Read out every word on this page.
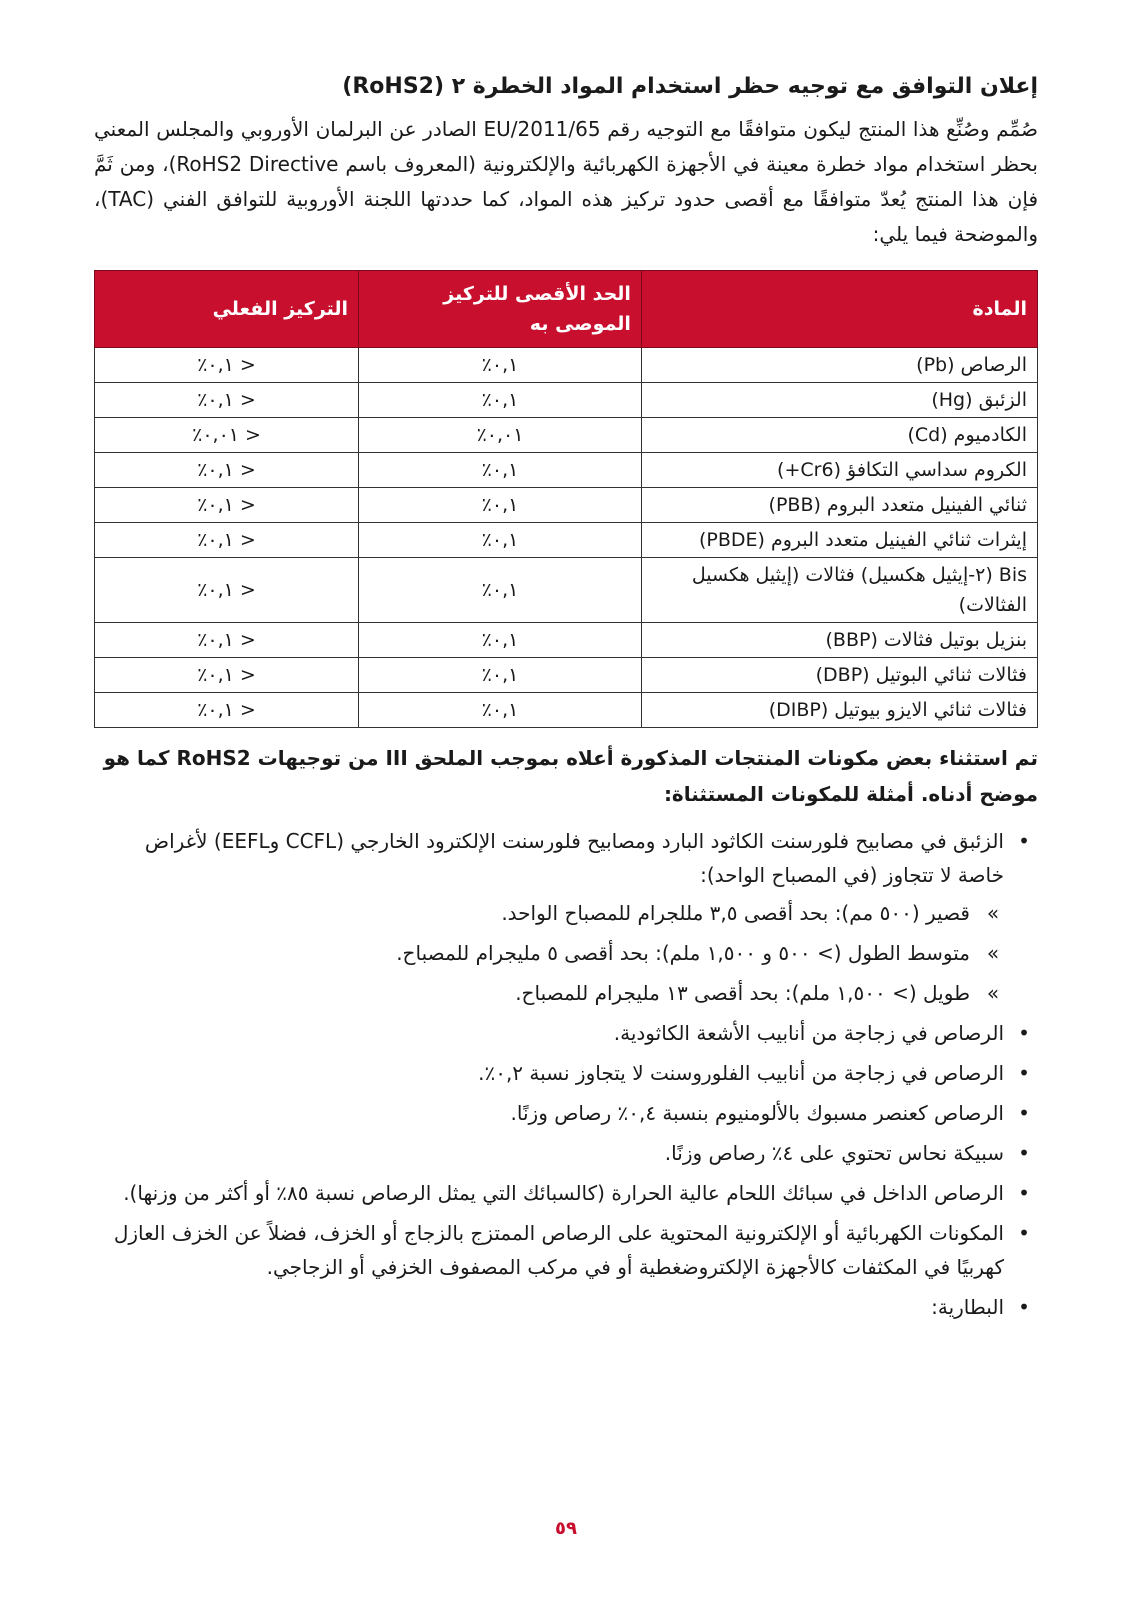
إعلان التوافق مع توجيه حظر استخدام المواد الخطرة ٢ (RoHS2)

صُمِّم وصُنِّع هذا المنتج ليكون متوافقًا مع التوجيه رقم 2011/65/EU الصادر عن البرلمان الأوروبي والمجلس المعني بحظر استخدام مواد خطرة معينة في الأجهزة الكهربائية والإلكترونية (المعروف باسم RoHS2 Directive)، ومن ثَمَّ فإن هذا المنتج يُعدّ متوافقًا مع أقصى حدود تركيز هذه المواد، كما حددتها اللجنة الأوروبية للتوافق الفني (TAC)، والموضحة فيما يلي:

المادة	الحد الأقصى للتركيز الموصى به	التركيز الفعلي
الرصاص (Pb)	٠,١٪	< ٠,١٪
الزئبق (Hg)	٠,١٪	< ٠,١٪
الكادميوم (Cd)	٠,٠١٪	< ٠,٠١٪
الكروم سداسي التكافؤ (Cr6+)	٠,١٪	< ٠,١٪
ثنائي الفينيل متعدد البروم (PBB)	٠,١٪	< ٠,١٪
إيثرات ثنائي الفينيل متعدد البروم (PBDE)	٠,١٪	< ٠,١٪
Bis (٢-إيثيل هكسيل) فثالات (إيثيل هكسيل الفثالات)	٠,١٪	< ٠,١٪
بنزيل بوتيل فثالات (BBP)	٠,١٪	< ٠,١٪
فثالات ثنائي البوتيل (DBP)	٠,١٪	< ٠,١٪
فثالات ثنائي الايزو بيوتيل (DIBP)	٠,١٪	< ٠,١٪

تم استثناء بعض مكونات المنتجات المذكورة أعلاه بموجب الملحق III من توجيهات RoHS2 كما هو موضح أدناه. أمثلة للمكونات المستثناة:

•
الزئبق في مصابيح فلورسنت الكاثود البارد ومصابيح فلورسنت الإلكترود الخارجي (CCFL وEEFL) لأغراض خاصة لا تتجاوز (في المصباح الواحد):
»
قصير (٥٠٠ مم): بحد أقصى ٣,٥ مللجرام للمصباح الواحد.
»
متوسط الطول (> ٥٠٠ و ١,٥٠٠ ملم): بحد أقصى ٥ مليجرام للمصباح.
»
طويل (> ١,٥٠٠ ملم): بحد أقصى ١٣ مليجرام للمصباح.
•
الرصاص في زجاجة من أنابيب الأشعة الكاثودية.
•
الرصاص في زجاجة من أنابيب الفلوروسنت لا يتجاوز نسبة ٠,٢٪.
•
الرصاص كعنصر مسبوك بالألومنيوم بنسبة ٠,٤٪ رصاص وزنًا.
•
سبيكة نحاس تحتوي على ٤٪ رصاص وزنًا.
•
الرصاص الداخل في سبائك اللحام عالية الحرارة (كالسبائك التي يمثل الرصاص نسبة ٨٥٪ أو أكثر من وزنها).
•
المكونات الكهربائية أو الإلكترونية المحتوية على الرصاص الممتزج بالزجاج أو الخزف، فضلاً عن الخزف العازل كهربيًا في المكثفات كالأجهزة الإلكتروضغطية أو في مركب المصفوف الخزفي أو الزجاجي.
•
البطارية:
٥٩
